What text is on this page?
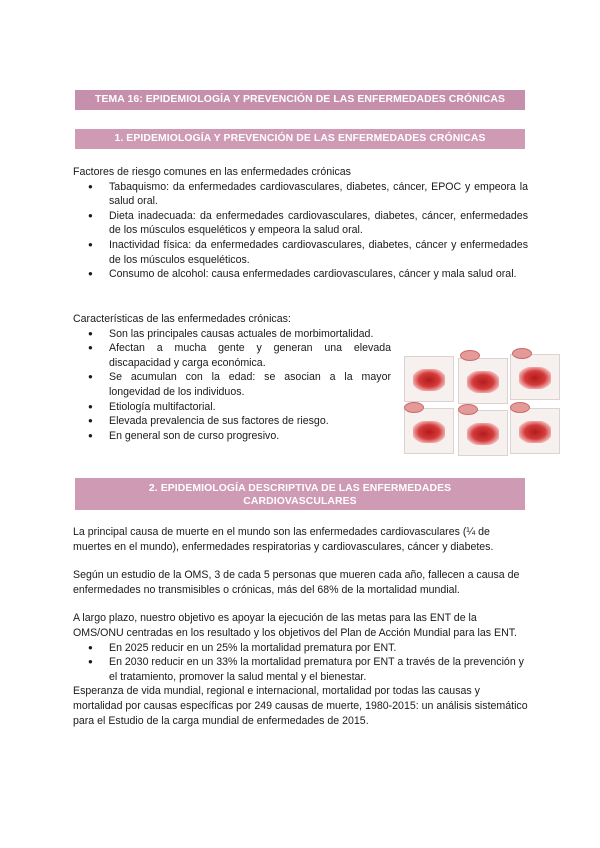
TEMA 16: EPIDEMIOLOGÍA Y PREVENCIÓN DE LAS ENFERMEDADES CRÓNICAS
1. EPIDEMIOLOGÍA Y PREVENCIÓN DE LAS ENFERMEDADES CRÓNICAS

Factores de riesgo comunes en las enfermedades crónicas

● Tabaquismo: da enfermedades cardiovasculares, diabetes, cáncer, EPOC y empeora la salud oral.
● Dieta inadecuada: da enfermedades cardiovasculares, diabetes, cáncer, enfermedades de los músculos esqueléticos y empeora la salud oral.
● Inactividad física: da enfermedades cardiovasculares, diabetes, cáncer y enfermedades de los músculos esqueléticos.
● Consumo de alcohol: causa enfermedades cardiovasculares, cáncer y mala salud oral.

Características de las enfermedades crónicas:

● Son las principales causas actuales de morbimortalidad.
● Afectan a mucha gente y generan una elevada discapacidad y carga económica.
● Se acumulan con la edad: se asocian a la mayor longevidad de los individuos.
● Etiología multifactorial.
● Elevada prevalencia de sus factores de riesgo.
● En general son de curso progresivo.
2. EPIDEMIOLOGÍA DESCRIPTIVA DE LAS ENFERMEDADES
CARDIOVASCULARES

La principal causa de muerte en el mundo son las enfermedades cardiovasculares (¼ de muertes en el mundo), enfermedades respiratorias y cardiovasculares, cáncer y diabetes.

Según un estudio de la OMS, 3 de cada 5 personas que mueren cada año, fallecen a causa de enfermedades no transmisibles o crónicas, más del 68% de la mortalidad mundial.

A largo plazo, nuestro objetivo es apoyar la ejecución de las metas para las ENT de la OMS/ONU centradas en los resultado y los objetivos del Plan de Acción Mundial para las ENT.

● En 2025 reducir en un 25% la mortalidad prematura por ENT.
● En 2030 reducir en un 33% la mortalidad prematura por ENT a través de la prevención y el tratamiento, promover la salud mental y el bienestar.

Esperanza de vida mundial, regional e internacional, mortalidad por todas las causas y mortalidad por causas específicas por 249 causas de muerte, 1980-2015: un análisis sistemático para el Estudio de la carga mundial de enfermedades de 2015.
